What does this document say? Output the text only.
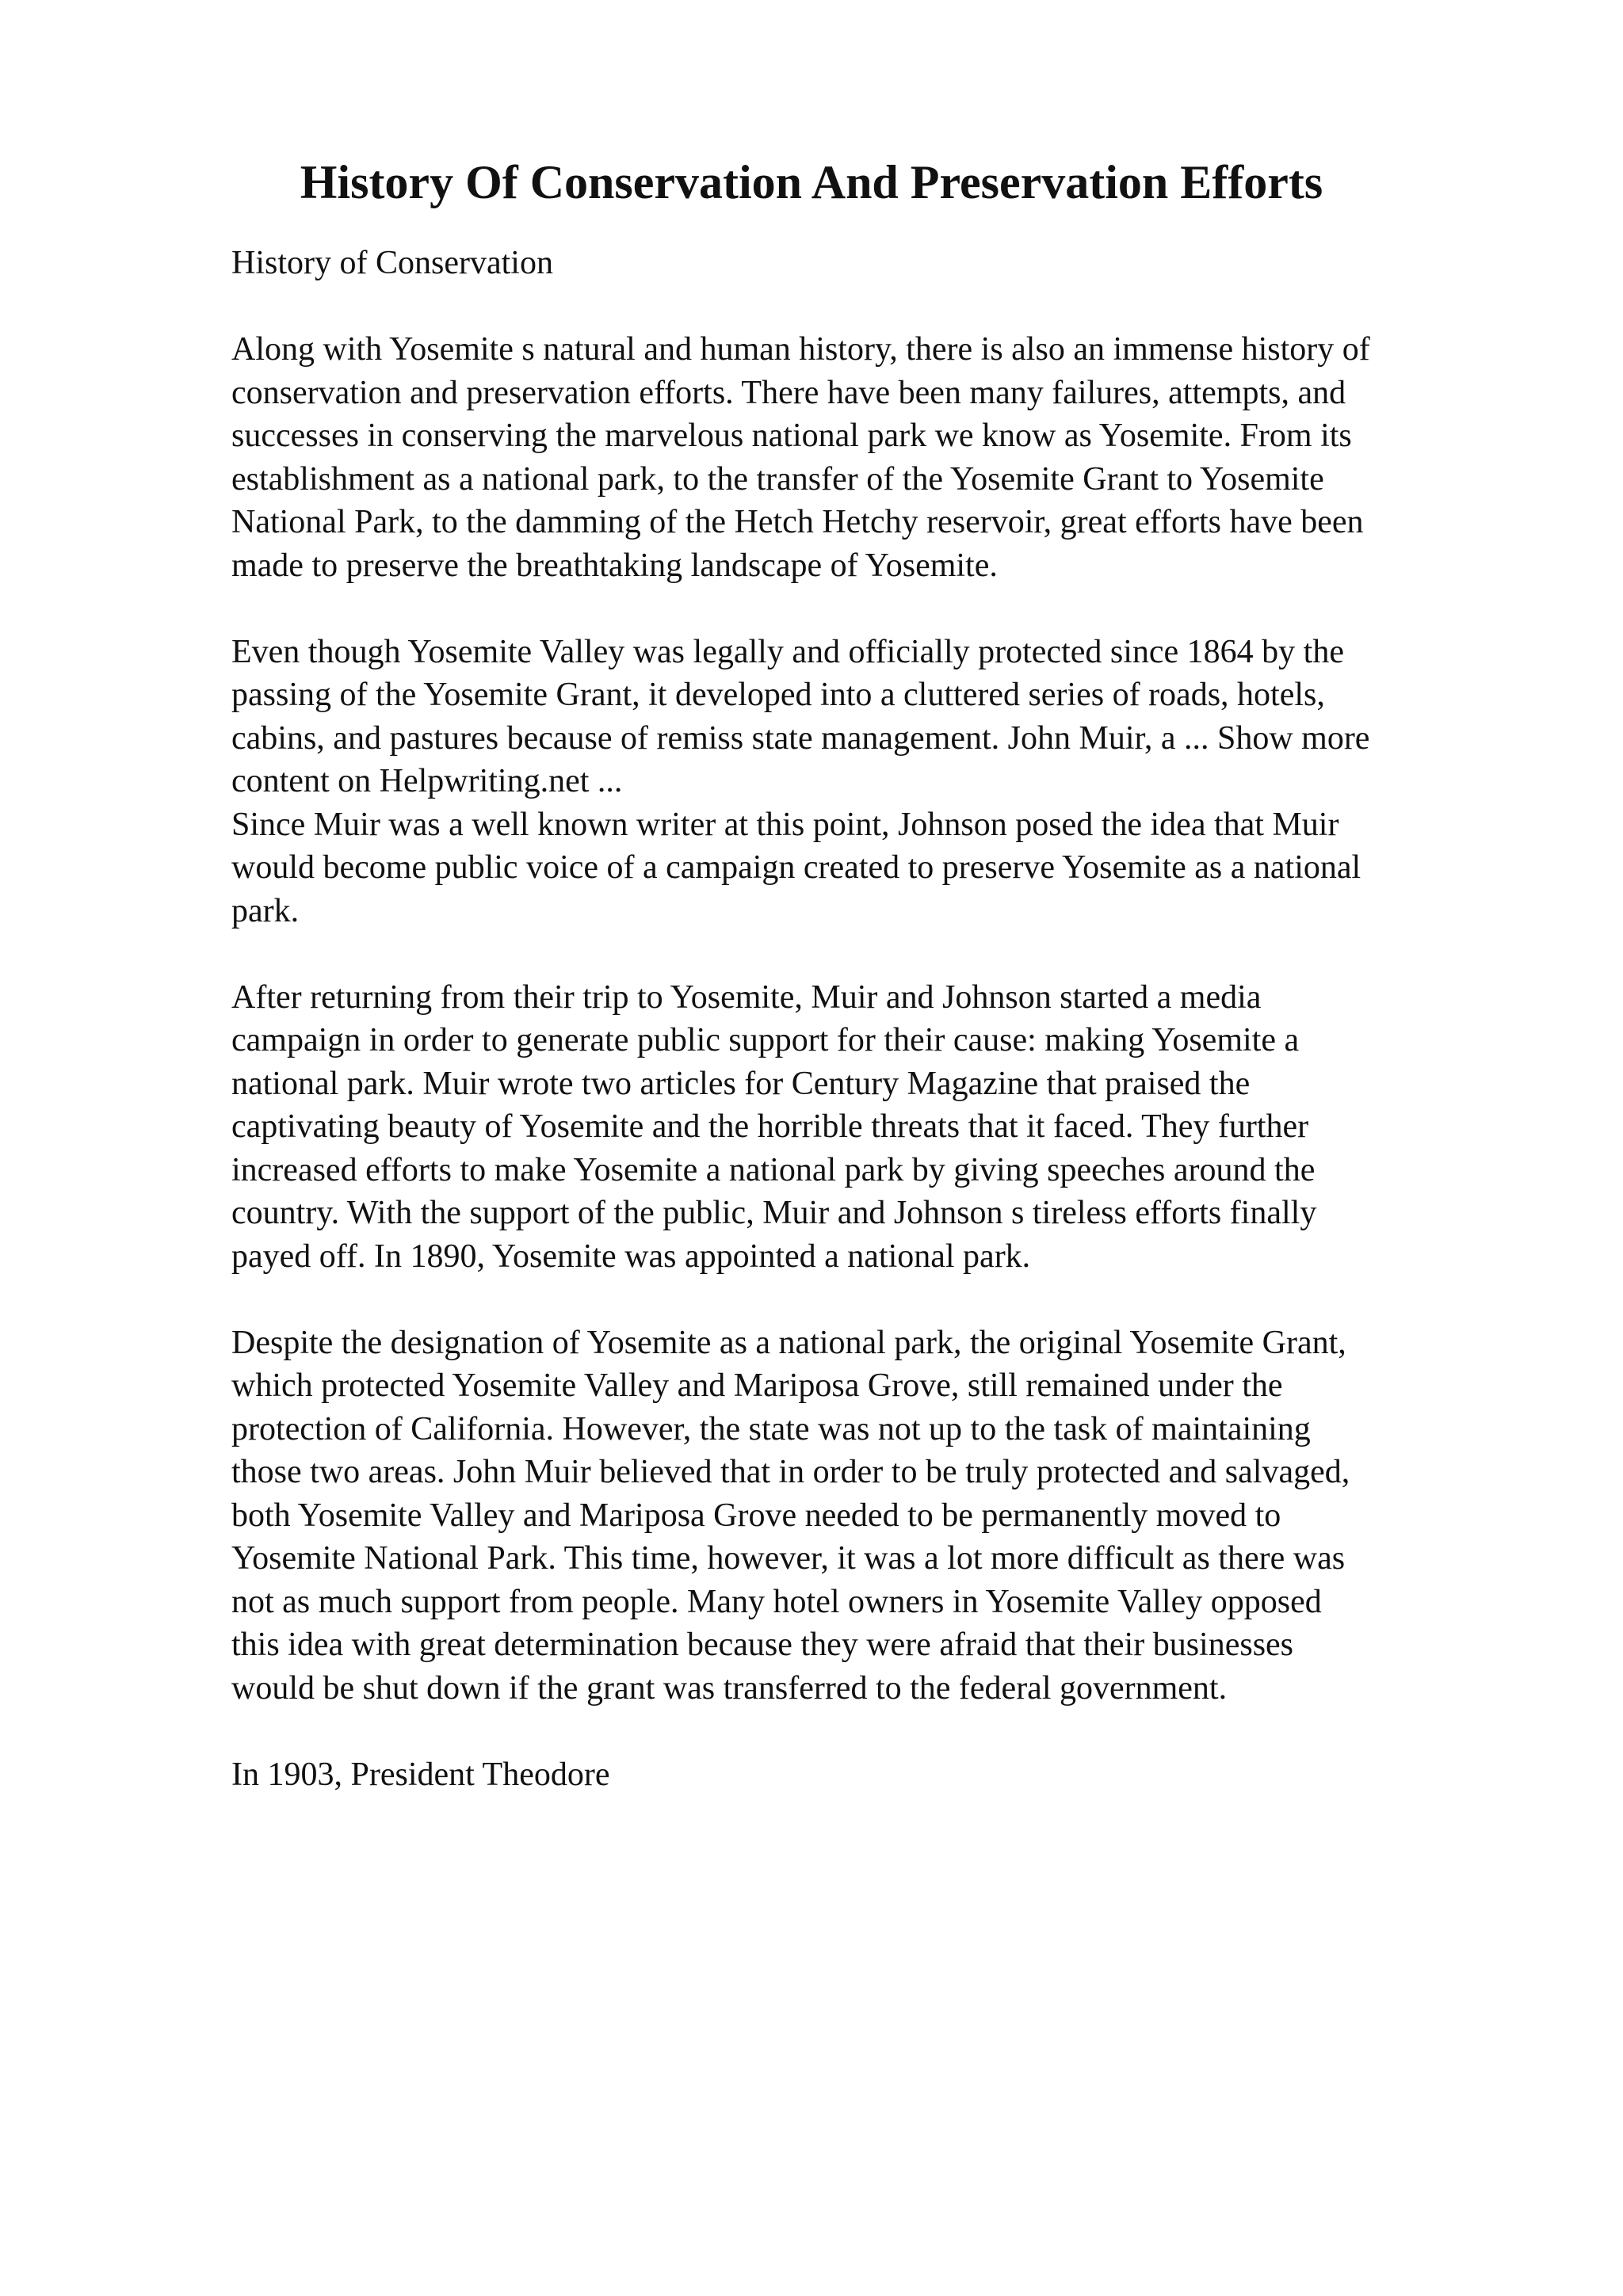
History Of Conservation And Preservation Efforts

History of Conservation

Along with Yosemite s natural and human history, there is also an immense history of

conservation and preservation efforts. There have been many failures, attempts, and

successes in conserving the marvelous national park we know as Yosemite. From its

establishment as a national park, to the transfer of the Yosemite Grant to Yosemite

National Park, to the damming of the Hetch Hetchy reservoir, great efforts have been

made to preserve the breathtaking landscape of Yosemite.

Even though Yosemite Valley was legally and officially protected since 1864 by the

passing of the Yosemite Grant, it developed into a cluttered series of roads, hotels,

cabins, and pastures because of remiss state management. John Muir, a ... Show more

content on Helpwriting.net ...

Since Muir was a well known writer at this point, Johnson posed the idea that Muir

would become public voice of a campaign created to preserve Yosemite as a national

park.

After returning from their trip to Yosemite, Muir and Johnson started a media

campaign in order to generate public support for their cause: making Yosemite a

national park. Muir wrote two articles for Century Magazine that praised the

captivating beauty of Yosemite and the horrible threats that it faced. They further

increased efforts to make Yosemite a national park by giving speeches around the

country. With the support of the public, Muir and Johnson s tireless efforts finally

payed off. In 1890, Yosemite was appointed a national park.

Despite the designation of Yosemite as a national park, the original Yosemite Grant,

which protected Yosemite Valley and Mariposa Grove, still remained under the

protection of California. However, the state was not up to the task of maintaining

those two areas. John Muir believed that in order to be truly protected and salvaged,

both Yosemite Valley and Mariposa Grove needed to be permanently moved to

Yosemite National Park. This time, however, it was a lot more difficult as there was

not as much support from people. Many hotel owners in Yosemite Valley opposed

this idea with great determination because they were afraid that their businesses

would be shut down if the grant was transferred to the federal government.

In 1903, President Theodore
